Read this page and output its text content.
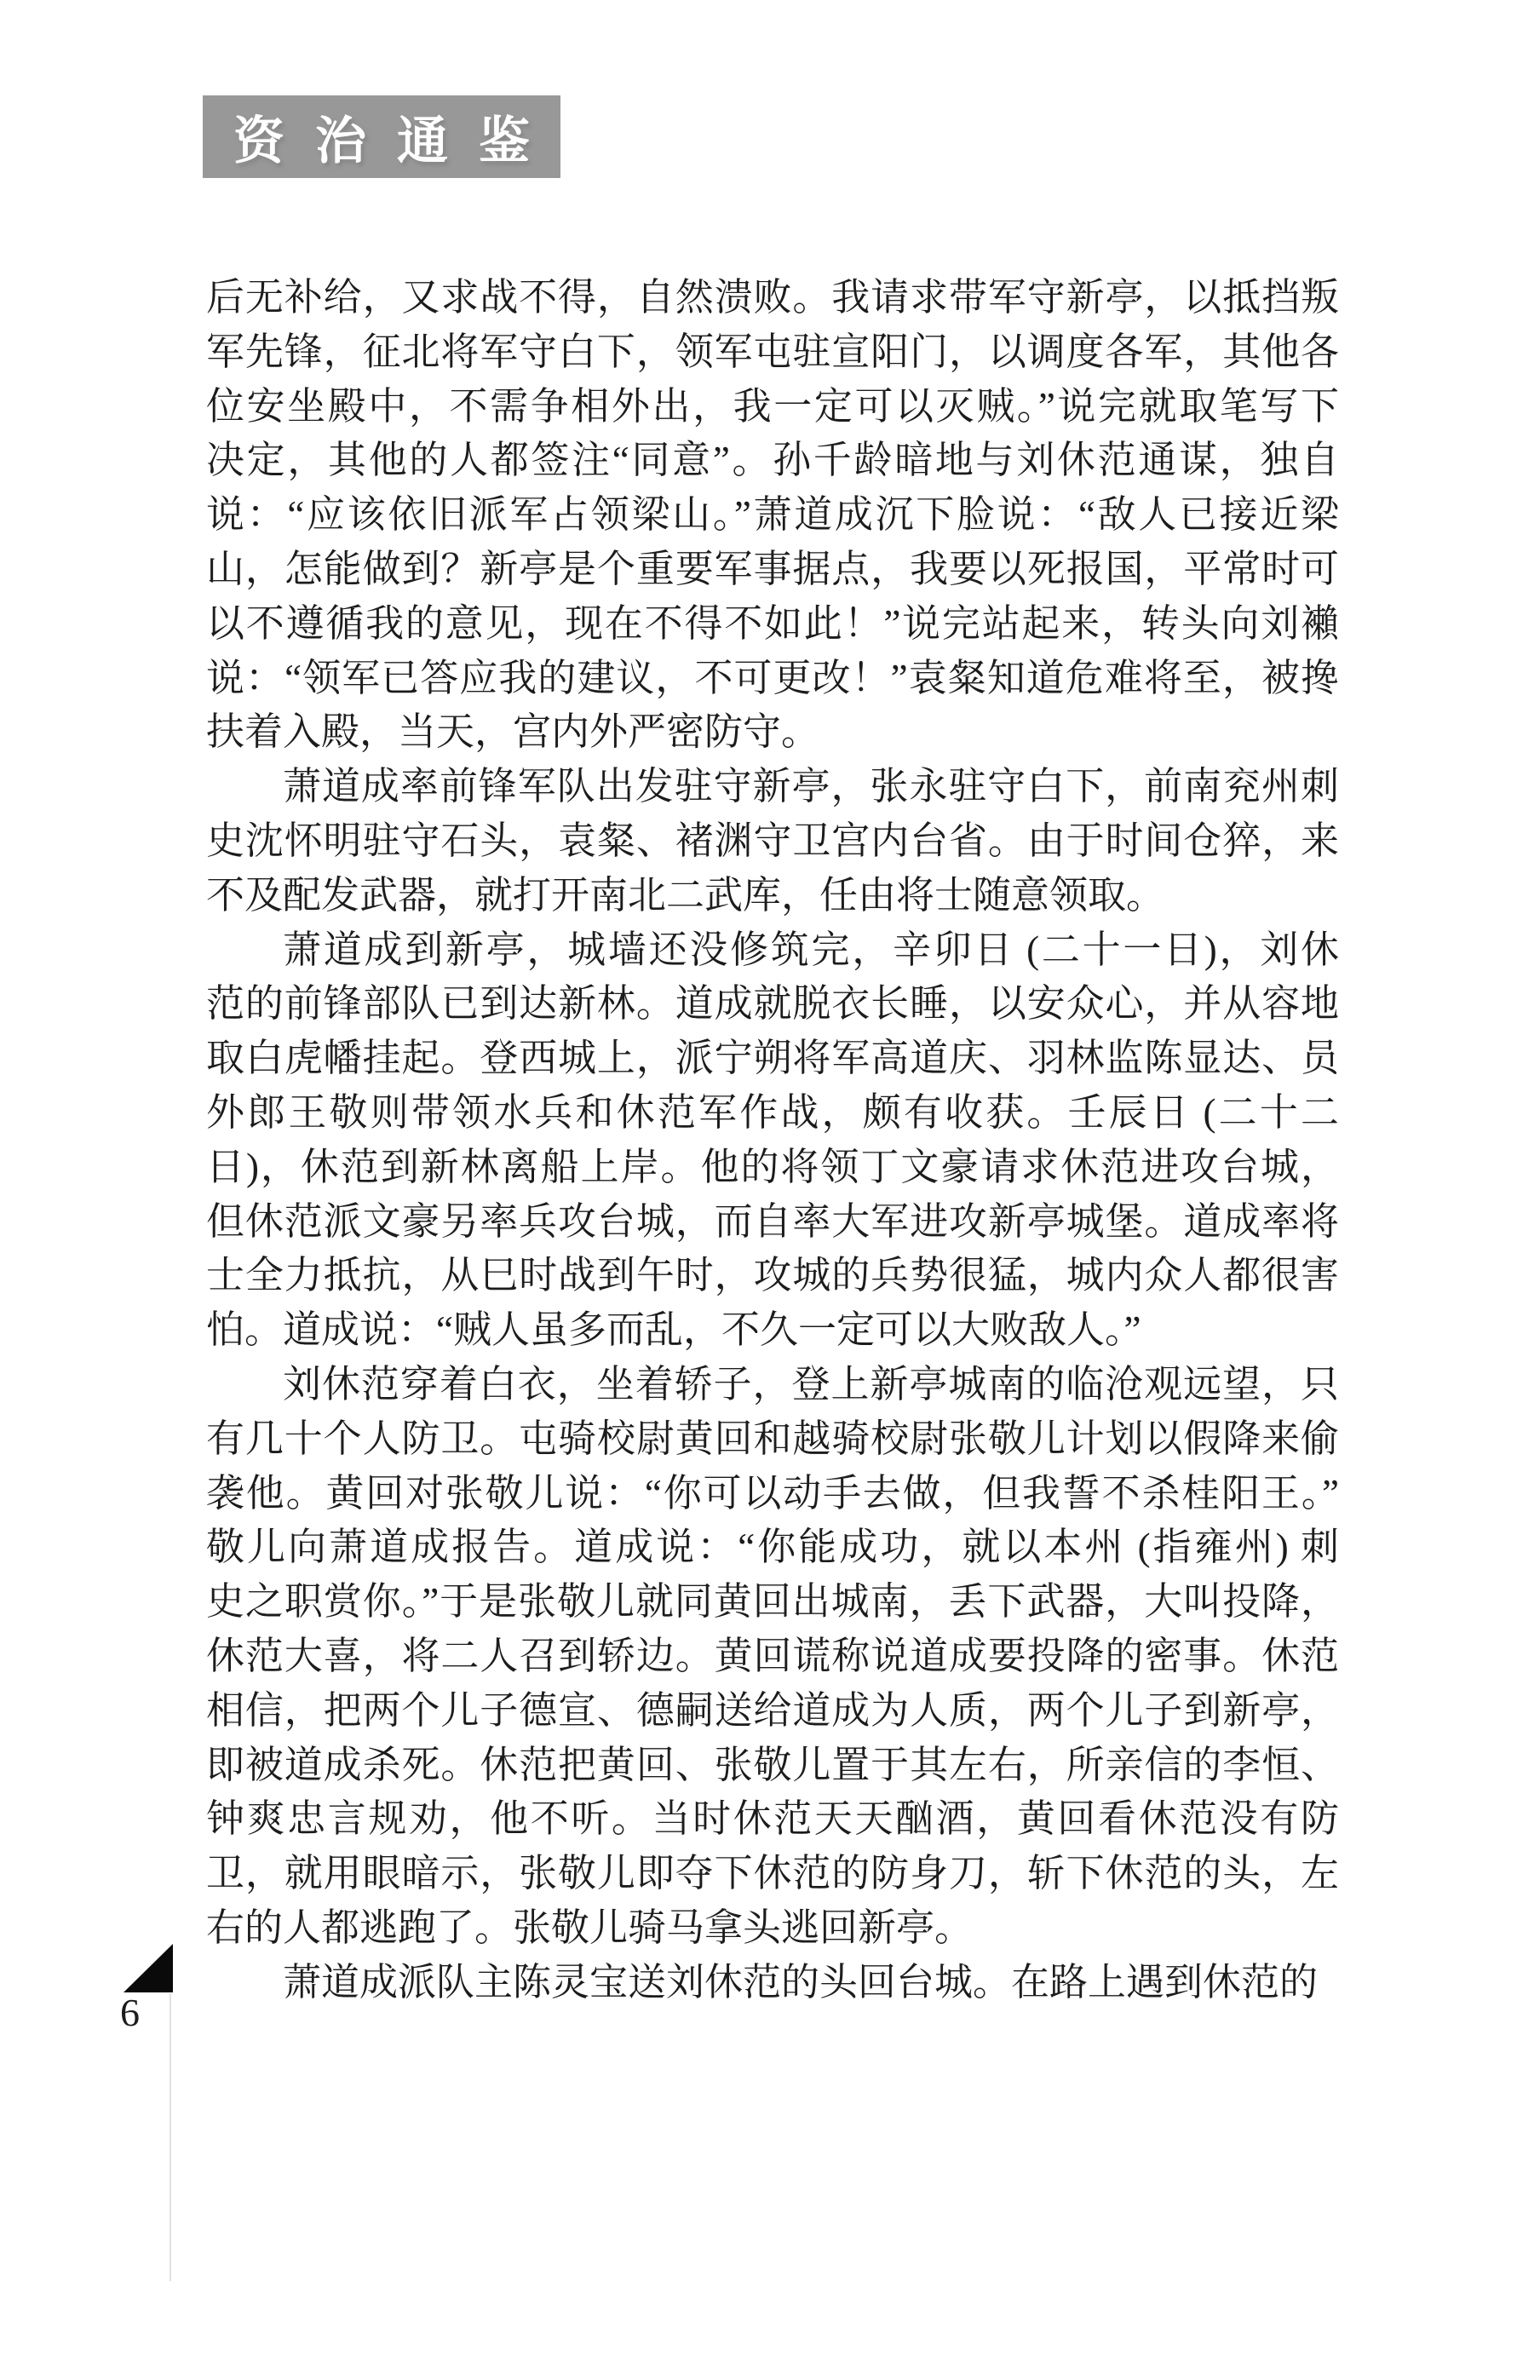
资治通鉴
后无补给，又求战不得，自然溃败。我请求带军守新亭，以抵挡叛
军先锋，征北将军守白下，领军屯驻宣阳门，以调度各军，其他各
位安坐殿中，不需争相外出，我一定可以灭贼。”说完就取笔写下
决定，其他的人都签注“同意”。孙千龄暗地与刘休范通谋，独自
说：“应该依旧派军占领梁山。”萧道成沉下脸说：“敌人已接近梁
山，怎能做到？新亭是个重要军事据点，我要以死报国，平常时可
以不遵循我的意见，现在不得不如此！”说完站起来，转头向刘襰
说：“领军已答应我的建议，不可更改！”袁粲知道危难将至，被搀
扶着入殿，当天，宫内外严密防守。
萧道成率前锋军队出发驻守新亭，张永驻守白下，前南兖州刺
史沈怀明驻守石头，袁粲、褚渊守卫宫内台省。由于时间仓猝，来
不及配发武器，就打开南北二武库，任由将士随意领取。
萧道成到新亭，城墙还没修筑完，辛卯日 (二十一日)，刘休
范的前锋部队已到达新林。道成就脱衣长睡，以安众心，并从容地
取白虎幡挂起。登西城上，派宁朔将军高道庆、羽林监陈显达、员
外郎王敬则带领水兵和休范军作战，颇有收获。壬辰日 (二十二
日)，休范到新林离船上岸。他的将领丁文豪请求休范进攻台城，
但休范派文豪另率兵攻台城，而自率大军进攻新亭城堡。道成率将
士全力抵抗，从巳时战到午时，攻城的兵势很猛，城内众人都很害
怕。道成说：“贼人虽多而乱，不久一定可以大败敌人。”
刘休范穿着白衣，坐着轿子，登上新亭城南的临沧观远望，只
有几十个人防卫。屯骑校尉黄回和越骑校尉张敬儿计划以假降来偷
袭他。黄回对张敬儿说：“你可以动手去做，但我誓不杀桂阳王。”
敬儿向萧道成报告。道成说：“你能成功，就以本州 (指雍州) 刺
史之职赏你。”于是张敬儿就同黄回出城南，丢下武器，大叫投降，
休范大喜，将二人召到轿边。黄回谎称说道成要投降的密事。休范
相信，把两个儿子德宣、德嗣送给道成为人质，两个儿子到新亭，
即被道成杀死。休范把黄回、张敬儿置于其左右，所亲信的李恒、
钟爽忠言规劝，他不听。当时休范天天酗酒，黄回看休范没有防
卫，就用眼暗示，张敬儿即夺下休范的防身刀，斩下休范的头，左
右的人都逃跑了。张敬儿骑马拿头逃回新亭。
萧道成派队主陈灵宝送刘休范的头回台城。在路上遇到休范的
6
